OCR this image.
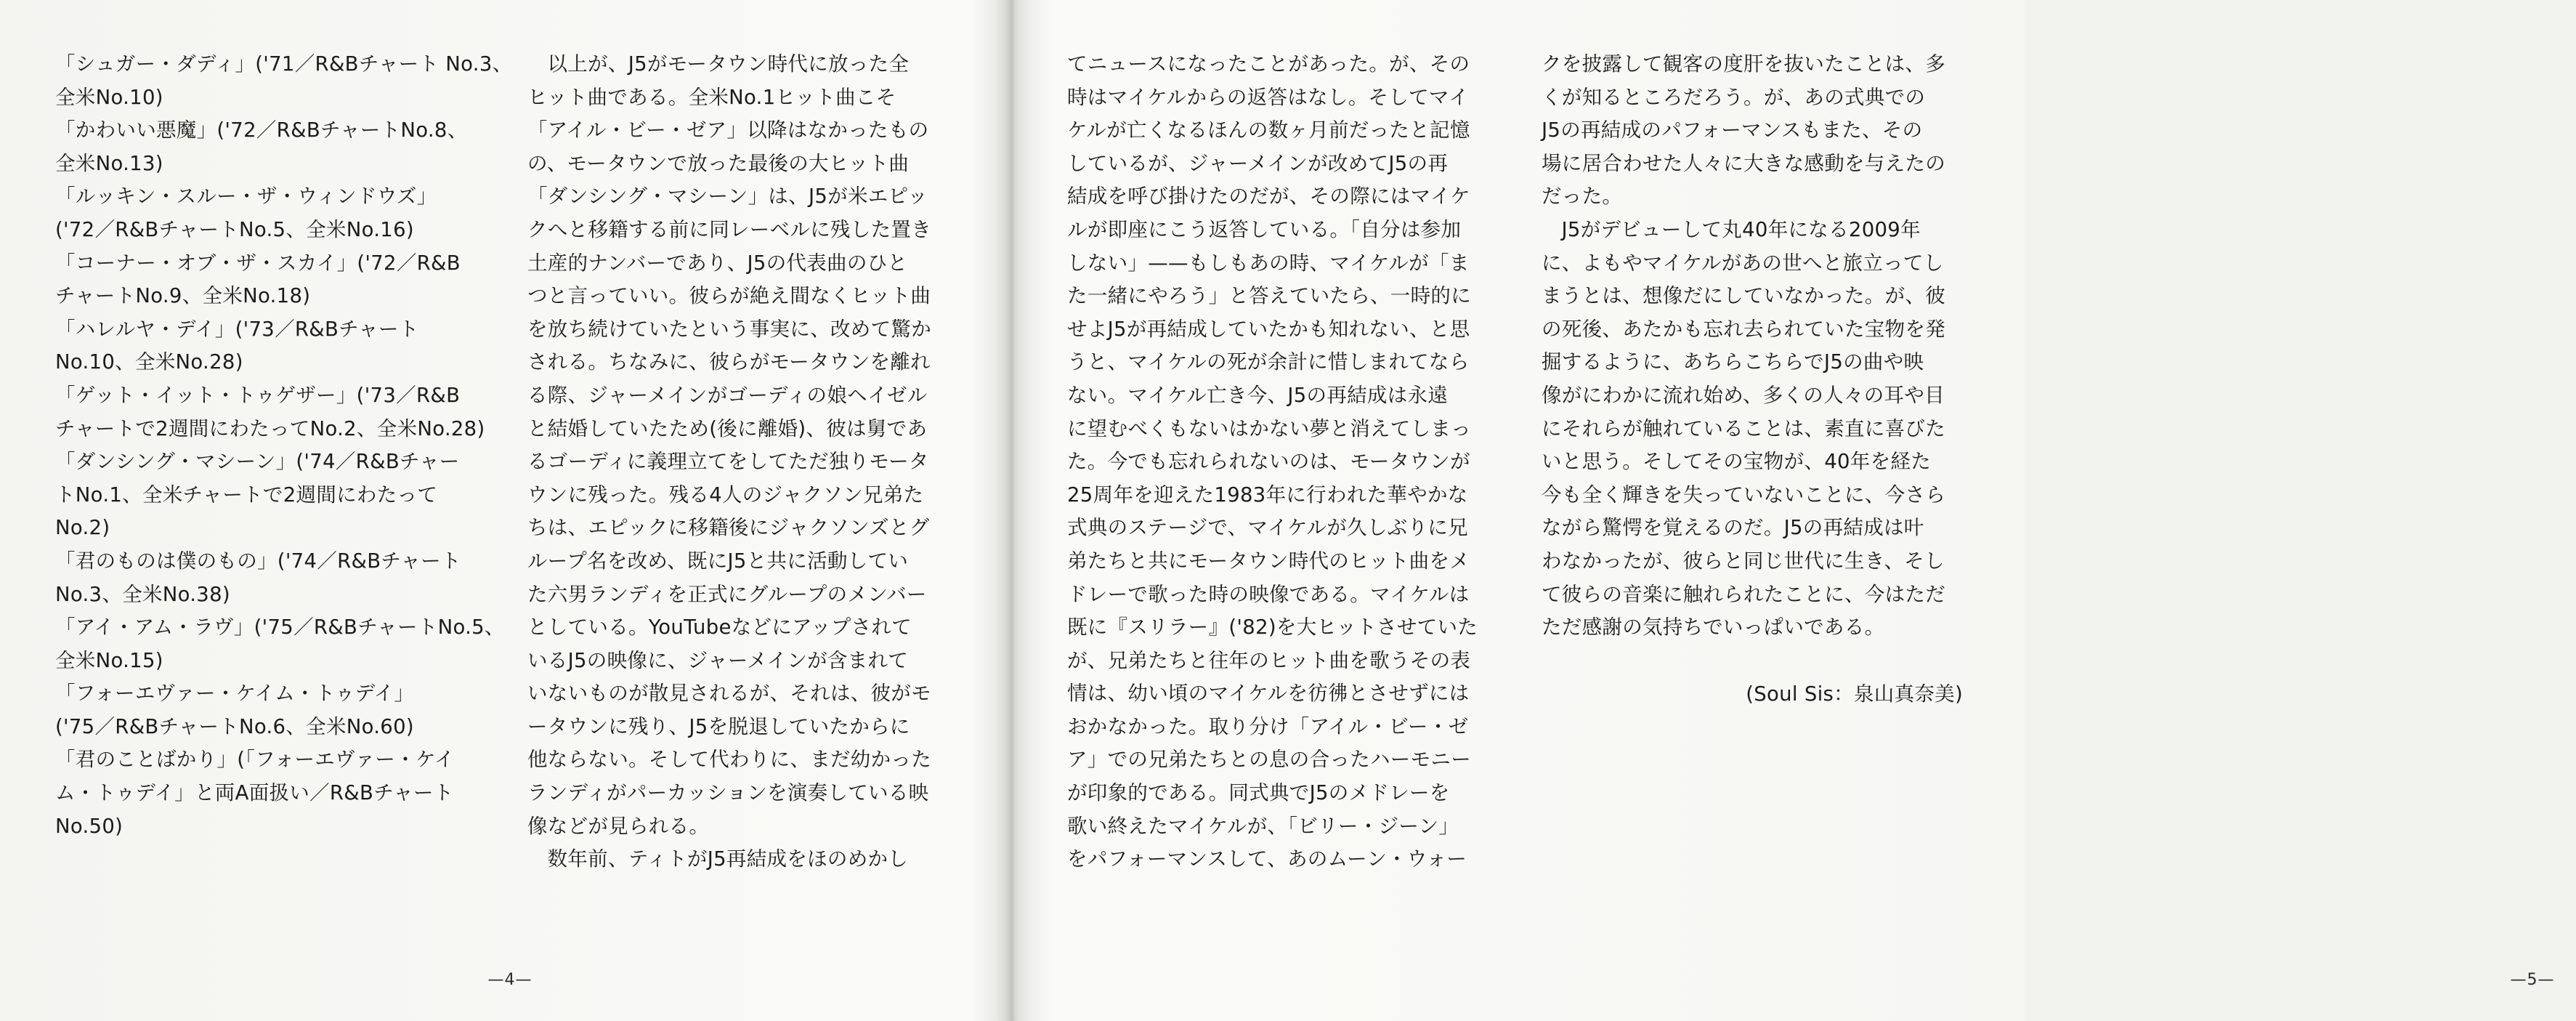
「シュガー・ダディ」('71／R&Bチャート No.3、

全米No.10)

「かわいい悪魔」('72／R&BチャートNo.8、

全米No.13)

「ルッキン・スルー・ザ・ウィンドウズ」

('72／R&BチャートNo.5、全米No.16)

「コーナー・オブ・ザ・スカイ」('72／R&B

チャートNo.9、全米No.18)

「ハレルヤ・デイ」('73／R&Bチャート

No.10、全米No.28)

「ゲット・イット・トゥゲザー」('73／R&B

チャートで2週間にわたってNo.2、全米No.28)

「ダンシング・マシーン」('74／R&Bチャー

トNo.1、全米チャートで2週間にわたって

No.2)

「君のものは僕のもの」('74／R&Bチャート

No.3、全米No.38)

「アイ・アム・ラヴ」('75／R&BチャートNo.5、

全米No.15)

「フォーエヴァー・ケイム・トゥデイ」

('75／R&BチャートNo.6、全米No.60)

「君のことばかり」(「フォーエヴァー・ケイ

ム・トゥデイ」と両A面扱い／R&Bチャート

No.50)

以上が、J5がモータウン時代に放った全

ヒット曲である。全米No.1ヒット曲こそ

「アイル・ビー・ゼア」以降はなかったもの

の、モータウンで放った最後の大ヒット曲

「ダンシング・マシーン」は、J5が米エピッ

クへと移籍する前に同レーベルに残した置き

土産的ナンバーであり、J5の代表曲のひと

つと言っていい。彼らが絶え間なくヒット曲

を放ち続けていたという事実に、改めて驚か

される。ちなみに、彼らがモータウンを離れ

る際、ジャーメインがゴーディの娘ヘイゼル

と結婚していたため(後に離婚)、彼は舅であ

るゴーディに義理立てをしてただ独りモータ

ウンに残った。残る4人のジャクソン兄弟た

ちは、エピックに移籍後にジャクソンズとグ

ループ名を改め、既にJ5と共に活動してい

た六男ランディを正式にグループのメンバー

としている。YouTubeなどにアップされて

いるJ5の映像に、ジャーメインが含まれて

いないものが散見されるが、それは、彼がモ

ータウンに残り、J5を脱退していたからに

他ならない。そして代わりに、まだ幼かった

ランディがパーカッションを演奏している映

像などが見られる。

数年前、ティトがJ5再結成をほのめかし

—4—

てニュースになったことがあった。が、その

時はマイケルからの返答はなし。そしてマイ

ケルが亡くなるほんの数ヶ月前だったと記憶

しているが、ジャーメインが改めてJ5の再

結成を呼び掛けたのだが、その際にはマイケ

ルが即座にこう返答している。「自分は参加

しない」——もしもあの時、マイケルが「ま

た一緒にやろう」と答えていたら、一時的に

せよJ5が再結成していたかも知れない、と思

うと、マイケルの死が余計に惜しまれてなら

ない。マイケル亡き今、J5の再結成は永遠

に望むべくもないはかない夢と消えてしまっ

た。今でも忘れられないのは、モータウンが

25周年を迎えた1983年に行われた華やかな

式典のステージで、マイケルが久しぶりに兄

弟たちと共にモータウン時代のヒット曲をメ

ドレーで歌った時の映像である。マイケルは

既に『スリラー』('82)を大ヒットさせていた

が、兄弟たちと往年のヒット曲を歌うその表

情は、幼い頃のマイケルを彷彿とさせずには

おかなかった。取り分け「アイル・ビー・ゼ

ア」での兄弟たちとの息の合ったハーモニー

が印象的である。同式典でJ5のメドレーを

歌い終えたマイケルが、「ビリー・ジーン」

をパフォーマンスして、あのムーン・ウォー

クを披露して観客の度肝を抜いたことは、多

くが知るところだろう。が、あの式典での

J5の再結成のパフォーマンスもまた、その

場に居合わせた人々に大きな感動を与えたの

だった。

J5がデビューして丸40年になる2009年

に、よもやマイケルがあの世へと旅立ってし

まうとは、想像だにしていなかった。が、彼

の死後、あたかも忘れ去られていた宝物を発

掘するように、あちらこちらでJ5の曲や映

像がにわかに流れ始め、多くの人々の耳や目

にそれらが触れていることは、素直に喜びた

いと思う。そしてその宝物が、40年を経た

今も全く輝きを失っていないことに、今さら

ながら驚愕を覚えるのだ。J5の再結成は叶

わなかったが、彼らと同じ世代に生き、そし

て彼らの音楽に触れられたことに、今はただ

ただ感謝の気持ちでいっぱいである。

(Soul Sis：泉山真奈美)

—5—
